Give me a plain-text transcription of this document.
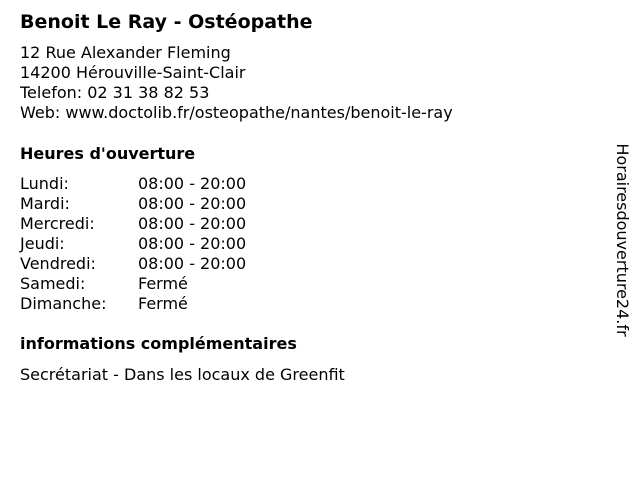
Benoit Le Ray - Ostéopathe
12 Rue Alexander Fleming
14200 Hérouville-Saint-Clair
Telefon: 02 31 38 82 53
Web: www.doctolib.fr/osteopathe/nantes/benoit-le-ray
Heures d'ouverture
Lundi:	08:00 - 20:00
Mardi:	08:00 - 20:00
Mercredi:	08:00 - 20:00
Jeudi:	08:00 - 20:00
Vendredi:	08:00 - 20:00
Samedi:	Fermé
Dimanche:	Fermé
informations complémentaires
Secrétariat - Dans les locaux de Greenfit
Horairesdouverture24.fr
